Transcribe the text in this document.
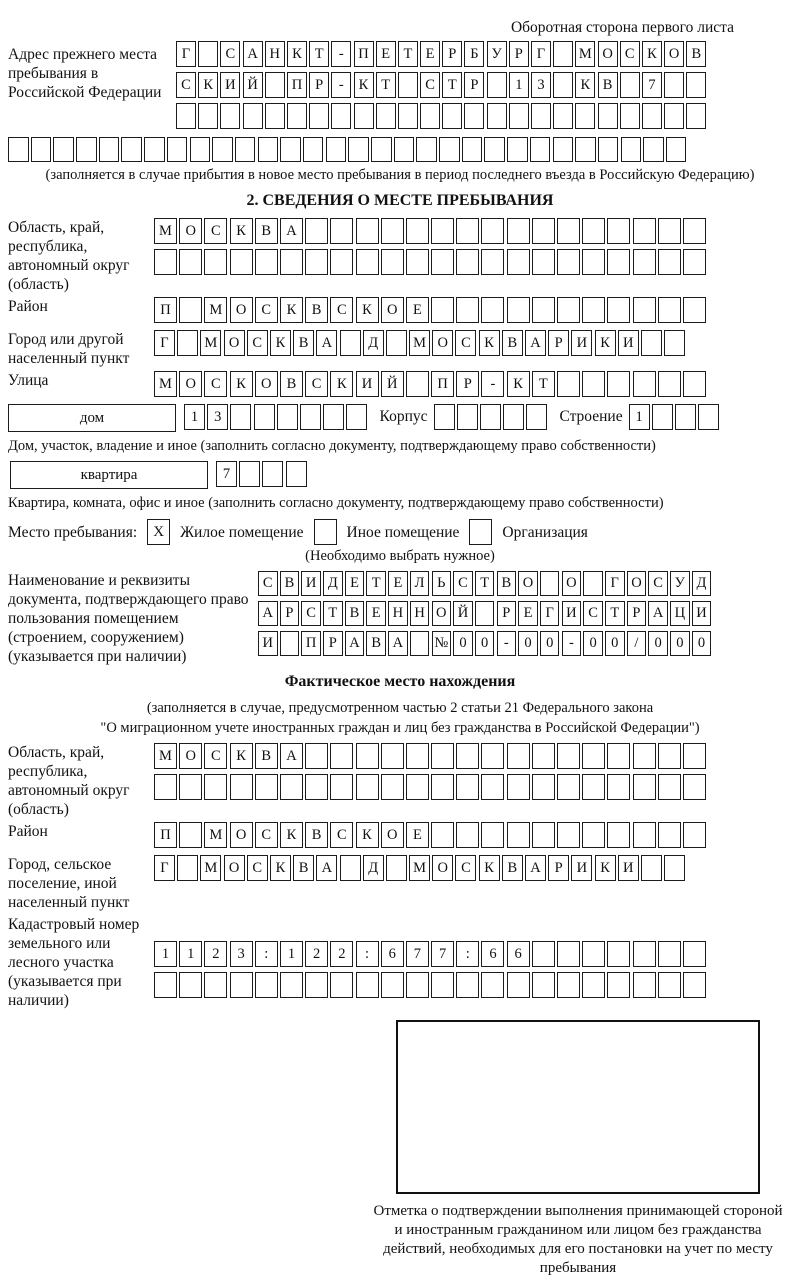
Оборотная сторона первого листа
Адрес прежнего места пребывания в Российской Федерации
Г	С А Н К Т	-	П Е Т Е Р Б У Р Г	М О С К О В
С К И Й	П Р	-	К Т	С Т Р	1	3	К В	7
(заполняется в случае прибытия в новое место пребывания в период последнего въезда в Российскую Федерацию)
2. СВЕДЕНИЯ О МЕСТЕ ПРЕБЫВАНИЯ
Область, край, республика, автономный округ (область)
М О	С	К	В	А
Район	П	М О	С	К	В	С	К	О	Е
Город или другой населенный пункт
Г	М О С К В А	Д	М О С К В А Р И К И
Улица	М О	С	К	О	В	С	К	И	Й	П	Р	-	К	Т
дом	1	3	Корпус	Строение 1
Дом, участок, владение и иное (заполнить согласно документу, подтверждающему право собственности)
квартира	7
Квартира, комната, офис и иное (заполнить согласно документу, подтверждающему право собственности)
Место пребывания:	X	Жилое помещение	Иное помещение	Организация
(Необходимо выбрать нужное)
Наименование и реквизиты документа, подтверждающего право пользования помещением (строением, сооружением) (указывается при наличии)
С В И Д Е Т Е Л Ь С Т В О	О	Г О С У Д
А Р С Т В Е Н Н О Й	Р Е Г И С Т Р А Ц И
И	П Р А В А	№ 0 0	-	0 0	-	0 0	/	0 0 0
Фактическое место нахождения
(заполняется в случае, предусмотренном частью 2 статьи 21 Федерального закона
"О миграционном учете иностранных граждан и лиц без гражданства в Российской Федерации")
Область, край, республика, автономный округ (область)
М О	С	К	В	А
Район	П	М О	С	К	В	С	К	О	Е
Город, сельское поселение, иной населенный пункт
Г	М О С К В А	Д	М О С К В А Р И К И
Кадастровый номер земельного или лесного участка (указывается при наличии)
1	1	2	3	:	1	2	2	:	6	7	7	:	6	6
Отметка о подтверждении выполнения принимающей стороной и иностранным гражданином или лицом без гражданства действий, необходимых для его постановки на учет по месту пребывания
